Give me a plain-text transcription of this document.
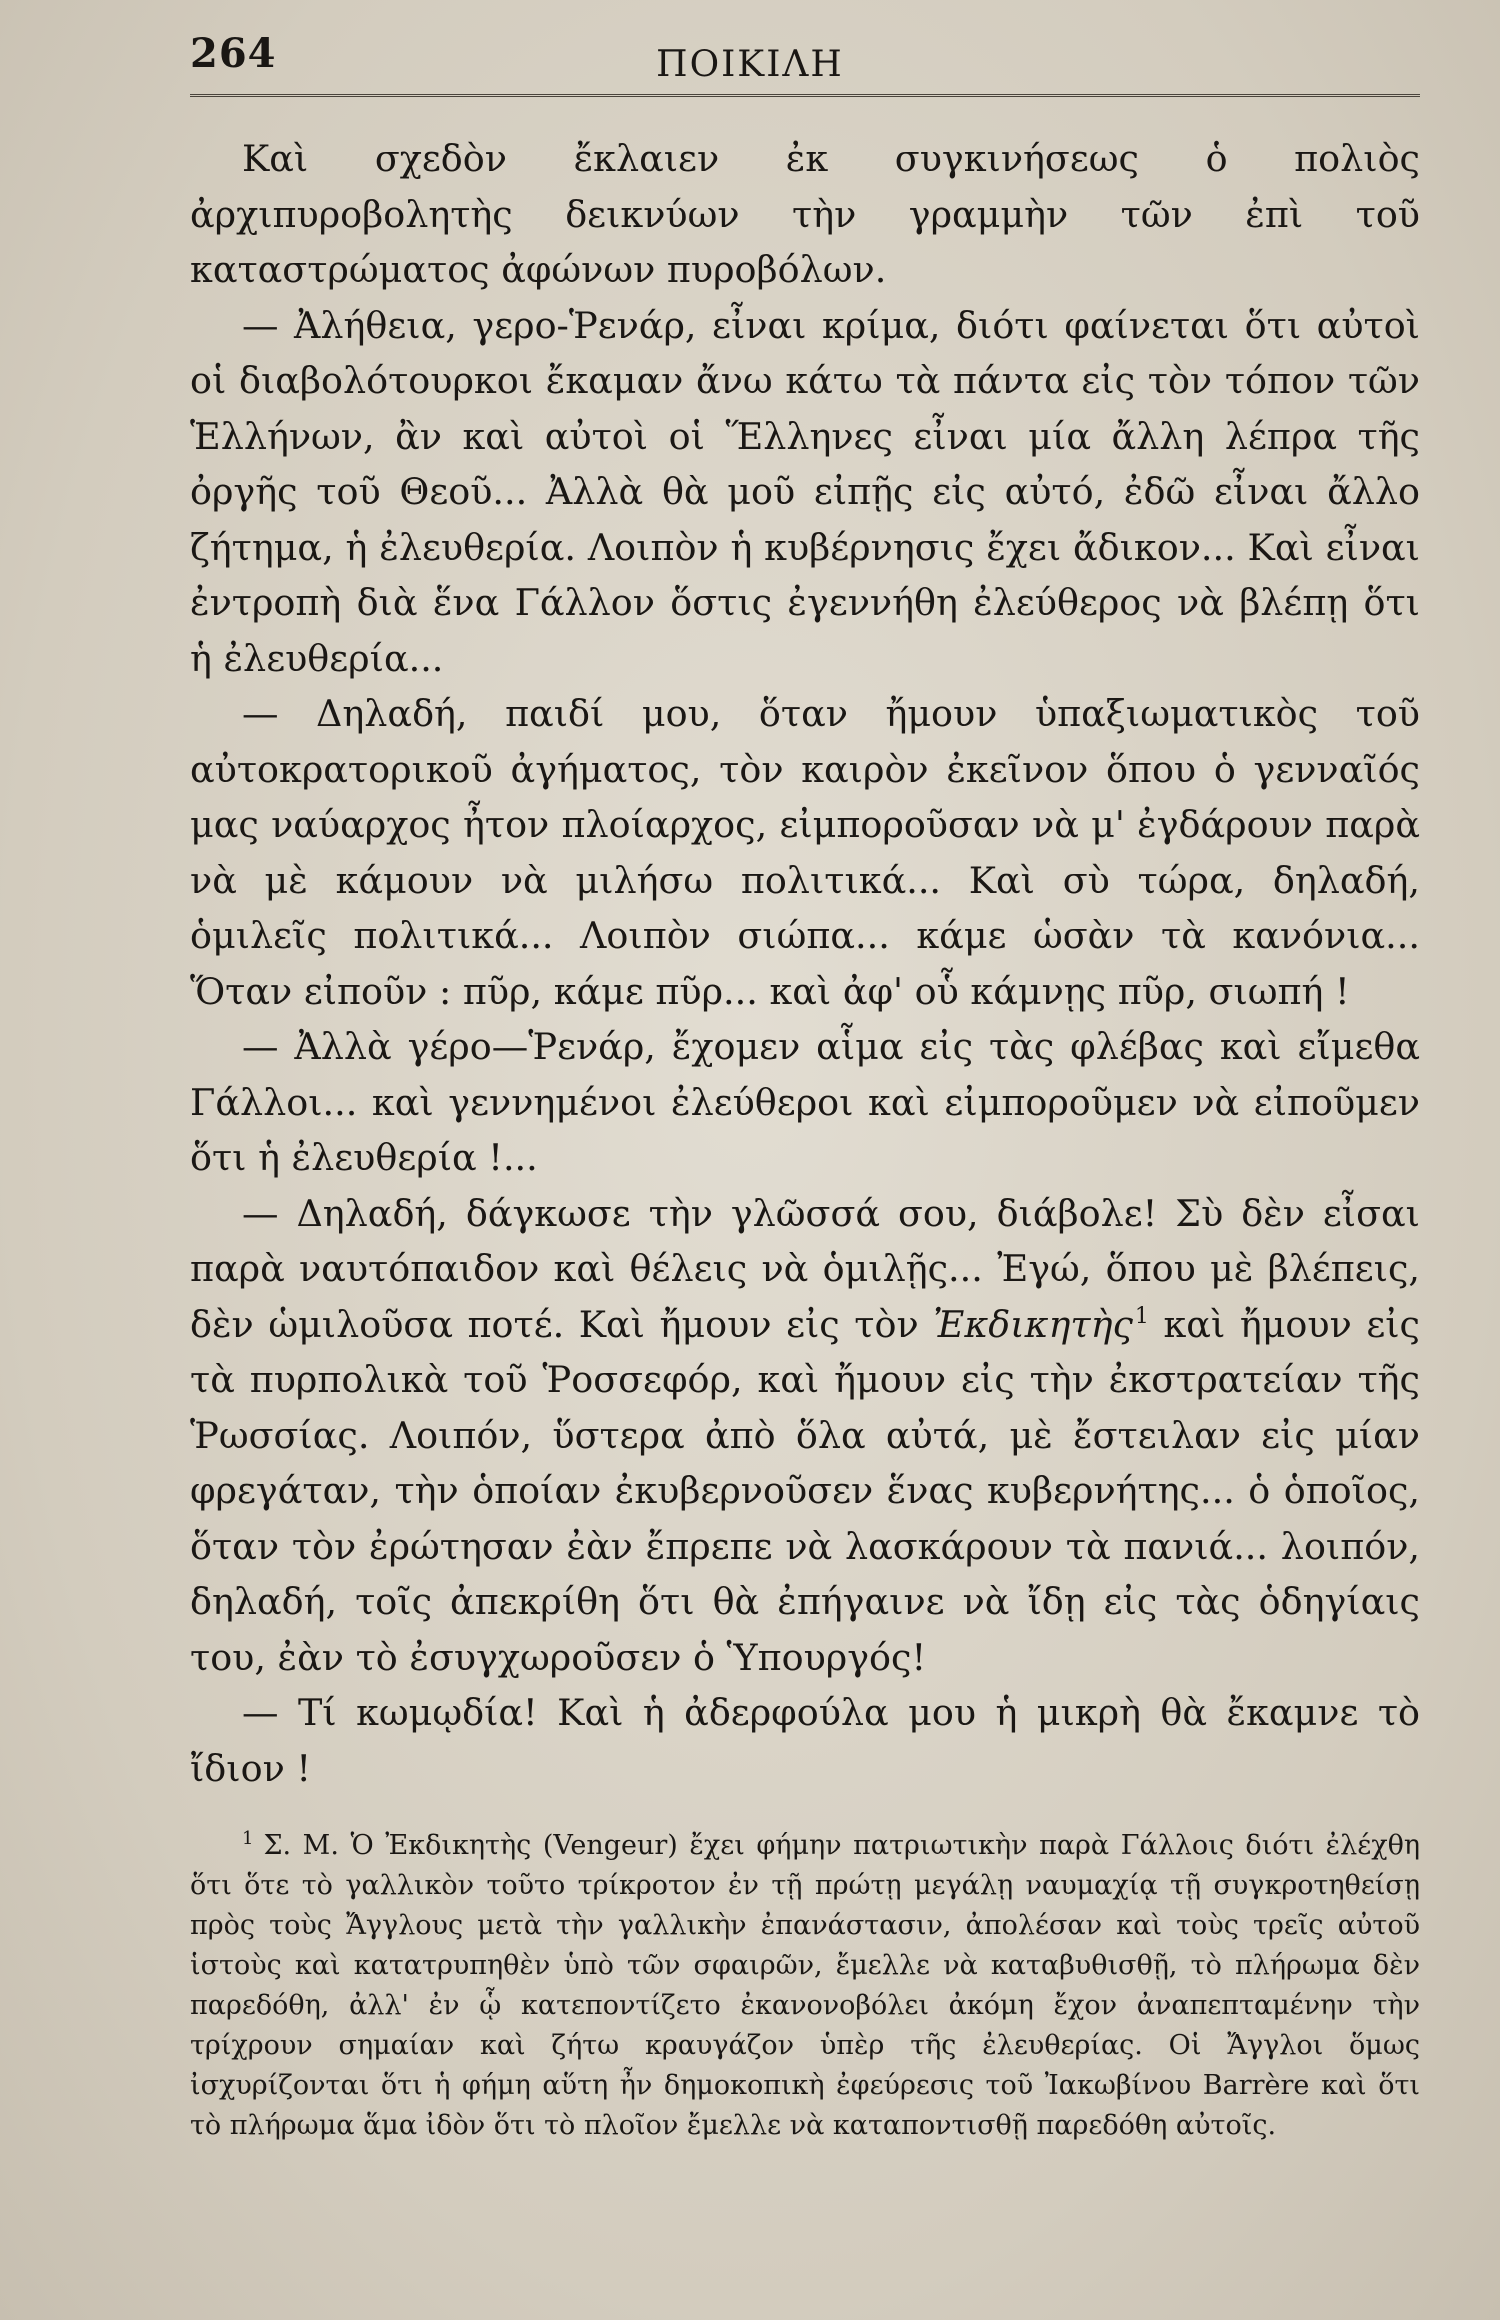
264	ΠΟΙΚΙΛΗ

Καὶ σχεδὸν ἔκλαιεν ἐκ συγκινήσεως ὁ πολιὸς ἀρχιπυροβολητὴς δεικνύων τὴν γραμμὴν τῶν ἐπὶ τοῦ καταστρώματος ἀφώνων πυροβόλων.

— Ἀλήθεια, γερο-Ῥενάρ, εἶναι κρίμα, διότι φαίνεται ὅτι αὐτοὶ οἱ διαβολότουρκοι ἔκαμαν ἄνω κάτω τὰ πάντα εἰς τὸν τόπον τῶν Ἑλλήνων, ἂν καὶ αὐτοὶ οἱ Ἕλληνες εἶναι μία ἄλλη λέπρα τῆς ὀργῆς τοῦ Θεοῦ... Ἀλλὰ θὰ μοῦ εἰπῇς εἰς αὐτό, ἐδῶ εἶναι ἄλλο ζήτημα, ἡ ἐλευθερία. Λοιπὸν ἡ κυβέρνησις ἔχει ἄδικον... Καὶ εἶναι ἐντροπὴ διὰ ἕνα Γάλλον ὅστις ἐγεννήθη ἐλεύθερος νὰ βλέπῃ ὅτι ἡ ἐλευθερία...

— Δηλαδή, παιδί μου, ὅταν ἤμουν ὑπαξιωματικὸς τοῦ αὐτοκρατορικοῦ ἀγήματος, τὸν καιρὸν ἐκεῖνον ὅπου ὁ γενναῖός μας ναύαρχος ἦτον πλοίαρχος, εἰμποροῦσαν νὰ μ' ἐγδάρουν παρὰ νὰ μὲ κάμουν νὰ μιλήσω πολιτικά... Καὶ σὺ τώρα, δηλαδή, ὁμιλεῖς πολιτικά... Λοιπὸν σιώπα... κάμε ὡσὰν τὰ κανόνια... Ὅταν εἰποῦν : πῦρ, κάμε πῦρ... καὶ ἀφ' οὗ κάμνῃς πῦρ, σιωπή !

— Ἀλλὰ γέρο—Ῥενάρ, ἔχομεν αἷμα εἰς τὰς φλέβας καὶ εἴμεθα Γάλλοι... καὶ γεννημένοι ἐλεύθεροι καὶ εἰμποροῦμεν νὰ εἰποῦμεν ὅτι ἡ ἐλευθερία !...

— Δηλαδή, δάγκωσε τὴν γλῶσσά σου, διάβολε! Σὺ δὲν εἶσαι παρὰ ναυτόπαιδον καὶ θέλεις νὰ ὁμιλῇς... Ἐγώ, ὅπου μὲ βλέπεις, δὲν ὡμιλοῦσα ποτέ. Καὶ ἤμουν εἰς τὸν Ἐκδικητὴς$^1$ καὶ ἤμουν εἰς τὰ πυρπολικὰ τοῦ Ῥοσσεφόρ, καὶ ἤμουν εἰς τὴν ἐκστρατείαν τῆς Ῥωσσίας. Λοιπόν, ὕστερα ἀπὸ ὅλα αὐτά, μὲ ἔστειλαν εἰς μίαν φρεγάταν, τὴν ὁποίαν ἐκυβερνοῦσεν ἕνας κυβερνήτης... ὁ ὁποῖος, ὅταν τὸν ἐρώτησαν ἐὰν ἔπρεπε νὰ λασκάρουν τὰ πανιά... λοιπόν, δηλαδή, τοῖς ἀπεκρίθη ὅτι θὰ ἐπήγαινε νὰ ἴδῃ εἰς τὰς ὁδηγίαις του, ἐὰν τὸ ἐσυγχωροῦσεν ὁ Ὑπουργός!

— Τί κωμῳδία! Καὶ ἡ ἀδερφούλα μου ἡ μικρὴ θὰ ἔκαμνε τὸ ἴδιον !

$^1$ Σ. Μ. Ὁ Ἐκδικητὴς (Vengeur) ἔχει φήμην πατριωτικὴν παρὰ Γάλλοις διότι ἐλέχθη ὅτι ὅτε τὸ γαλλικὸν τοῦτο τρίκροτον ἐν τῇ πρώτῃ μεγάλῃ ναυμαχίᾳ τῇ συγκροτηθείσῃ πρὸς τοὺς Ἄγγλους μετὰ τὴν γαλλικὴν ἐπανάστασιν, ἀπολέσαν καὶ τοὺς τρεῖς αὐτοῦ ἱστοὺς καὶ κατατρυπηθὲν ὑπὸ τῶν σφαιρῶν, ἔμελλε νὰ καταβυθισθῇ, τὸ πλήρωμα δὲν παρεδόθη, ἀλλ' ἐν ᾧ κατεποντίζετο ἐκανονοβόλει ἀκόμη ἔχον ἀναπεπταμένην τὴν τρίχρουν σημαίαν καὶ ζήτω κραυγάζον ὑπὲρ τῆς ἐλευθερίας. Οἱ Ἄγγλοι ὅμως ἰσχυρίζονται ὅτι ἡ φήμη αὕτη ἦν δημοκοπικὴ ἐφεύρεσις τοῦ Ἰακωβίνου Barrère καὶ ὅτι τὸ πλήρωμα ἅμα ἰδὸν ὅτι τὸ πλοῖον ἔμελλε νὰ καταποντισθῇ παρεδόθη αὐτοῖς.
